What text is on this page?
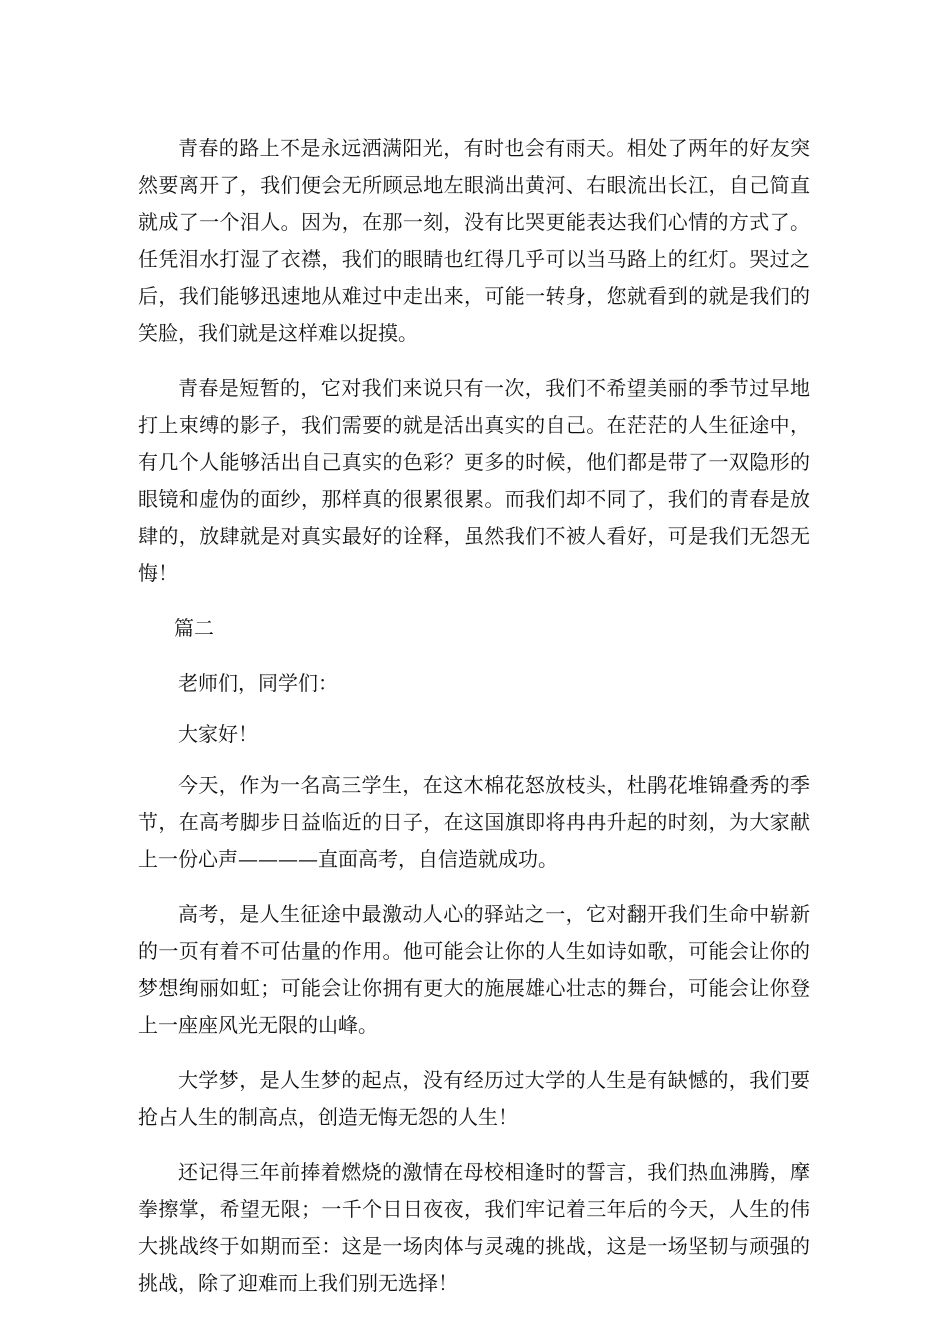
青春的路上不是永远洒满阳光，有时也会有雨天。相处了两年的好友突然要离开了，我们便会无所顾忌地左眼淌出黄河、右眼流出长江，自己简直就成了一个泪人。因为，在那一刻，没有比哭更能表达我们心情的方式了。任凭泪水打湿了衣襟，我们的眼睛也红得几乎可以当马路上的红灯。哭过之后，我们能够迅速地从难过中走出来，可能一转身，您就看到的就是我们的笑脸，我们就是这样难以捉摸。

青春是短暂的，它对我们来说只有一次，我们不希望美丽的季节过早地打上束缚的影子，我们需要的就是活出真实的自己。在茫茫的人生征途中，有几个人能够活出自己真实的色彩？更多的时候，他们都是带了一双隐形的眼镜和虚伪的面纱，那样真的很累很累。而我们却不同了，我们的青春是放肆的，放肆就是对真实最好的诠释，虽然我们不被人看好，可是我们无怨无悔！

篇二

老师们，同学们：

大家好！

今天，作为一名高三学生，在这木棉花怒放枝头，杜鹃花堆锦叠秀的季节，在高考脚步日益临近的日子，在这国旗即将冉冉升起的时刻，为大家献上一份心声————直面高考，自信造就成功。

高考，是人生征途中最激动人心的驿站之一，它对翻开我们生命中崭新的一页有着不可估量的作用。他可能会让你的人生如诗如歌，可能会让你的梦想绚丽如虹；可能会让你拥有更大的施展雄心壮志的舞台，可能会让你登上一座座风光无限的山峰。

大学梦，是人生梦的起点，没有经历过大学的人生是有缺憾的，我们要抢占人生的制高点，创造无悔无怨的人生！

还记得三年前捧着燃烧的激情在母校相逢时的誓言，我们热血沸腾，摩拳擦掌，希望无限；一千个日日夜夜，我们牢记着三年后的今天，人生的伟大挑战终于如期而至：这是一场肉体与灵魂的挑战，这是一场坚韧与顽强的挑战，除了迎难而上我们别无选择！
